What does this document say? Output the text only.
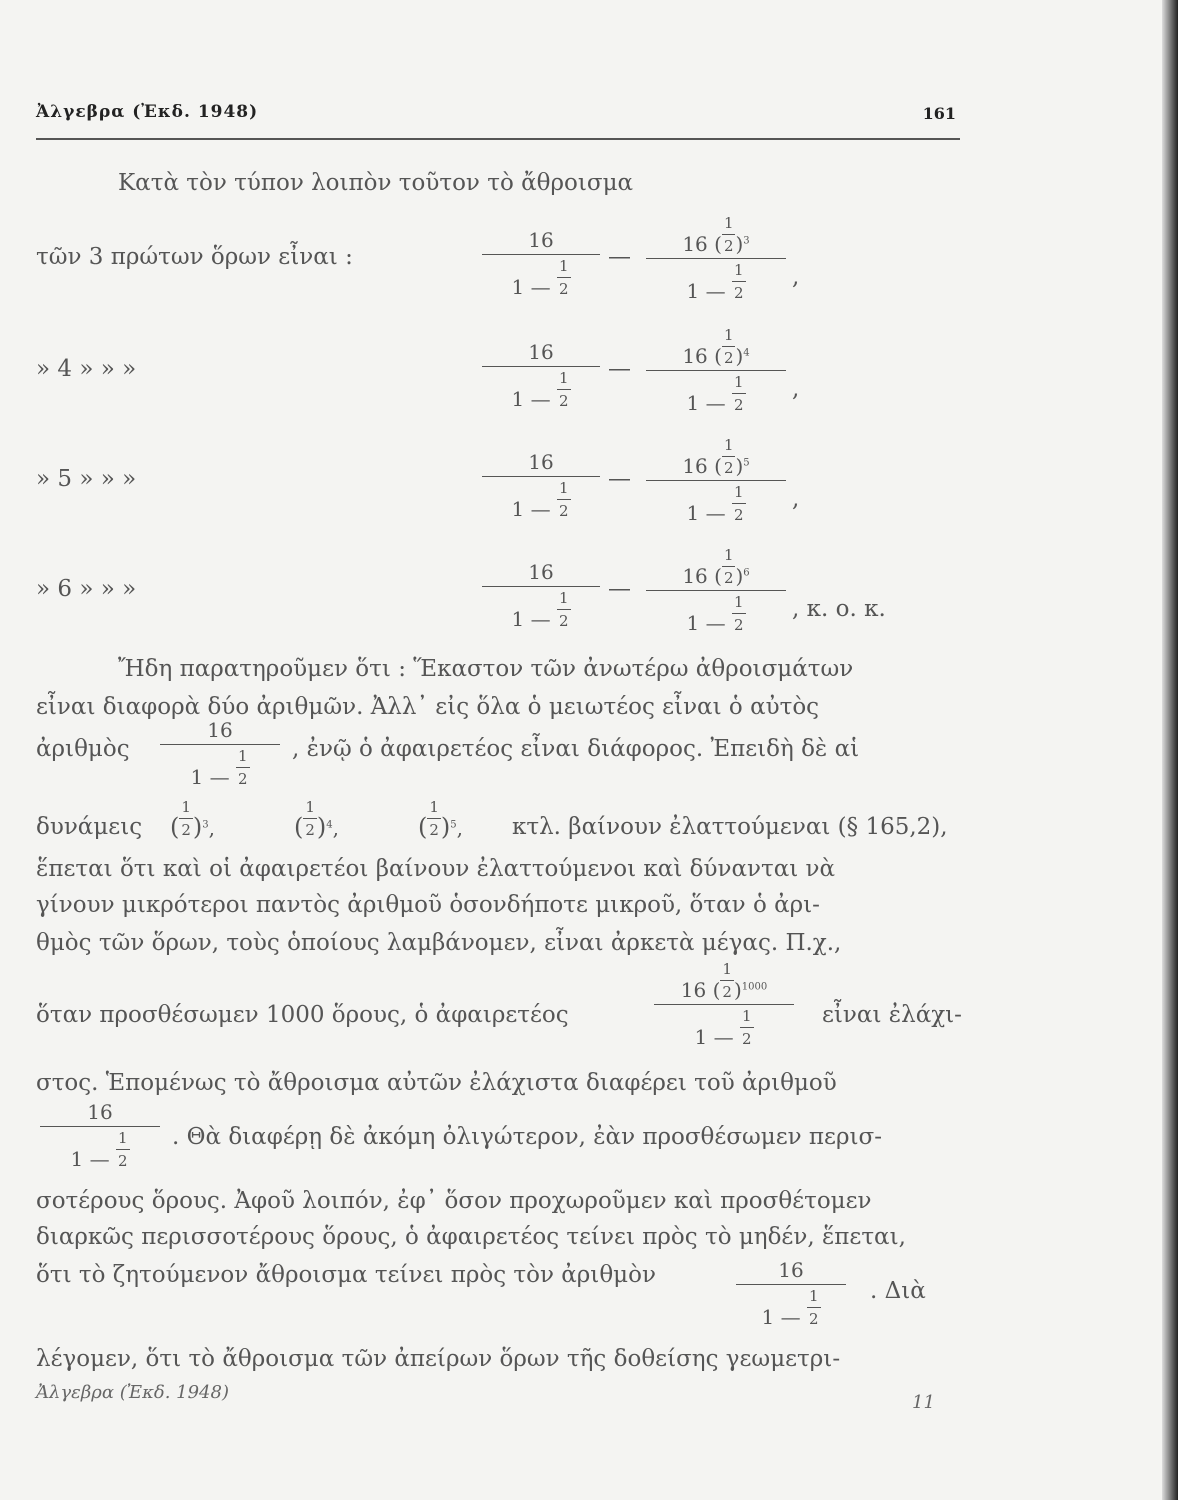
Ἀλγεβρα (Ἐκδ. 1948)	161
Κατὰ τὸν τύπον λοιπὸν τοῦτον τὸ ἄθροισμα
τῶν 3 πρώτων ὅρων εἶναι :
16
1 — $\frac{1}{2}$ —	16 ( $\frac{1}{2} )^3$
1 — $\frac{1}{2}$ ,
» 4 » » »
16
1 — $\frac{1}{2}$ —	16 ( $\frac{1}{2} )^4$
1 — $\frac{1}{2}$ ,
» 5 » » »
16
1 — $\frac{1}{2}$ —	16 ( $\frac{1}{2} )^5$
1 — $\frac{1}{2}$ ,
» 6 » » »
16
1 — $\frac{1}{2}$ —	16 ( $\frac{1}{2} )^6$
1 — $\frac{1}{2}$ , κ. ο. κ.
Ἤδη παρατηροῦμεν ὅτι : Ἕκαστον τῶν ἀνωτέρω ἀθροισμάτων
εἶναι διαφορὰ δύο ἀριθμῶν. Ἀλλ᾽ εἰς ὅλα ὁ μειωτέος εἶναι ὁ αὐτὸς
ἀριθμὸς
16
1 — $\frac{1}{2}$ , ἐνῷ ὁ ἀφαιρετέος εἶναι διάφορος. Ἐπειδὴ δὲ αἱ
δυνάμεις ( $\frac{1}{2} )^3$,	( $\frac{1}{2} )^4$,	( $\frac{1}{2} )^5$, κτλ. βαίνουν ἐλαττούμεναι (§ 165,2),
ἕπεται ὅτι καὶ οἱ ἀφαιρετέοι βαίνουν ἐλαττούμενοι καὶ δύνανται νὰ
γίνουν μικρότεροι παντὸς ἀριθμοῦ ὁσονδήποτε μικροῦ, ὅταν ὁ ἀρι-
θμὸς τῶν ὅρων, τοὺς ὁποίους λαμβάνομεν, εἶναι ἀρκετὰ μέγας. Π.χ.,
ὅταν προσθέσωμεν 1000 ὅρους, ὁ ἀφαιρετέος
16 ( $\frac{1}{2} )^{1000}$
1 — $\frac{1}{2}$	εἶναι ἐλάχι-
στος. Ἑπομένως τὸ ἄθροισμα αὐτῶν ἐλάχιστα διαφέρει τοῦ ἀριθμοῦ
16
1 — $\frac{1}{2}$ . Θὰ διαφέρῃ δὲ ἀκόμη ὀλιγώτερον, ἐὰν προσθέσωμεν περισ-
σοτέρους ὅρους. Ἀφοῦ λοιπόν, ἐφ᾽ ὅσον προχωροῦμεν καὶ προσθέτομεν
διαρκῶς περισσοτέρους ὅρους, ὁ ἀφαιρετέος τείνει πρὸς τὸ μηδέν, ἕπεται,
ὅτι τὸ ζητούμενον ἄθροισμα τείνει πρὸς τὸν ἀριθμὸν	16
1 — $\frac{1}{2}$ . Διὰ
λέγομεν, ὅτι τὸ ἄθροισμα τῶν ἀπείρων ὅρων τῆς δοθείσης γεωμετρι-
Ἀλγεβρα (Ἐκδ. 1948)	11
